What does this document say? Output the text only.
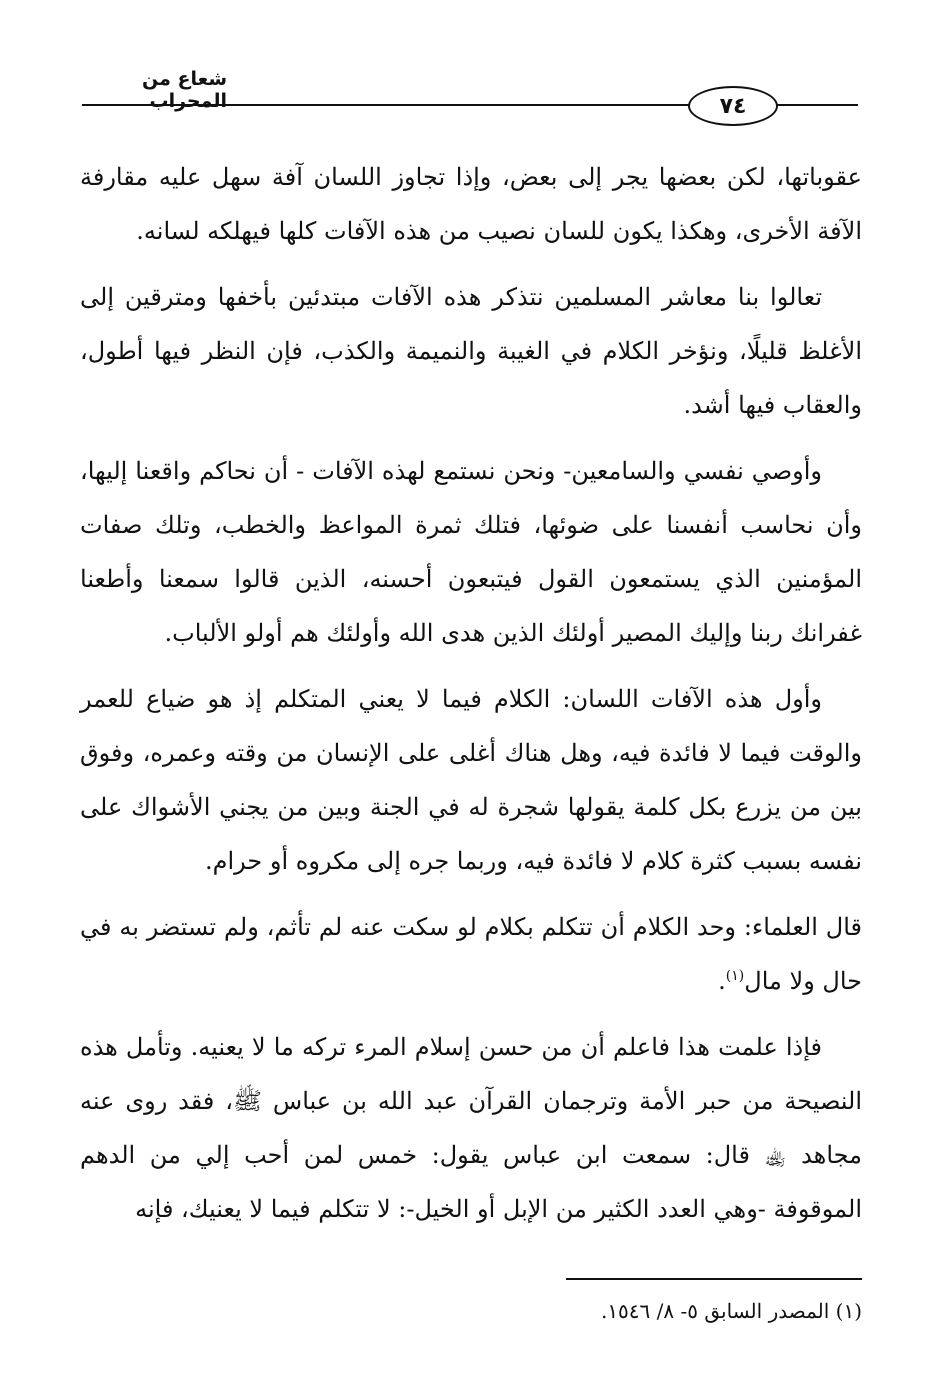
شعاع من المحراب	٧٤

عقوباتها، لكن بعضها يجر إلى بعض، وإذا تجاوز اللسان آفة سهل عليه مقارفة الآفة الأخرى، وهكذا يكون للسان نصيب من هذه الآفات كلها فيهلكه لسانه.

تعالوا بنا معاشر المسلمين نتذكر هذه الآفات مبتدئين بأخفها ومترقين إلى الأغلظ قليلًا، ونؤخر الكلام في الغيبة والنميمة والكذب، فإن النظر فيها أطول، والعقاب فيها أشد.

وأوصي نفسي والسامعين- ونحن نستمع لهذه الآفات - أن نحاكم واقعنا إليها، وأن نحاسب أنفسنا على ضوئها، فتلك ثمرة المواعظ والخطب، وتلك صفات المؤمنين الذي يستمعون القول فيتبعون أحسنه، الذين قالوا سمعنا وأطعنا غفرانك ربنا وإليك المصير أولئك الذين هدى الله وأولئك هم أولو الألباب.

وأول هذه الآفات اللسان: الكلام فيما لا يعني المتكلم إذ هو ضياع للعمر والوقت فيما لا فائدة فيه، وهل هناك أغلى على الإنسان من وقته وعمره، وفوق بين من يزرع بكل كلمة يقولها شجرة له في الجنة وبين من يجني الأشواك على نفسه بسبب كثرة كلام لا فائدة فيه، وربما جره إلى مكروه أو حرام.

قال العلماء: وحد الكلام أن تتكلم بكلام لو سكت عنه لم تأثم، ولم تستضر به في حال ولا مال$^{(١)}$.

فإذا علمت هذا فاعلم أن من حسن إسلام المرء تركه ما لا يعنيه. وتأمل هذه النصيحة من حبر الأمة وترجمان القرآن عبد الله بن عباس ﷺ، فقد روى عنه مجاهد ﵀ قال: سمعت ابن عباس يقول: خمس لمن أحب إلي من الدهم الموقوفة -وهي العدد الكثير من الإبل أو الخيل-: لا تتكلم فيما لا يعنيك، فإنه

(١) المصدر السابق ٥- ٨/ ١٥٤٦.
